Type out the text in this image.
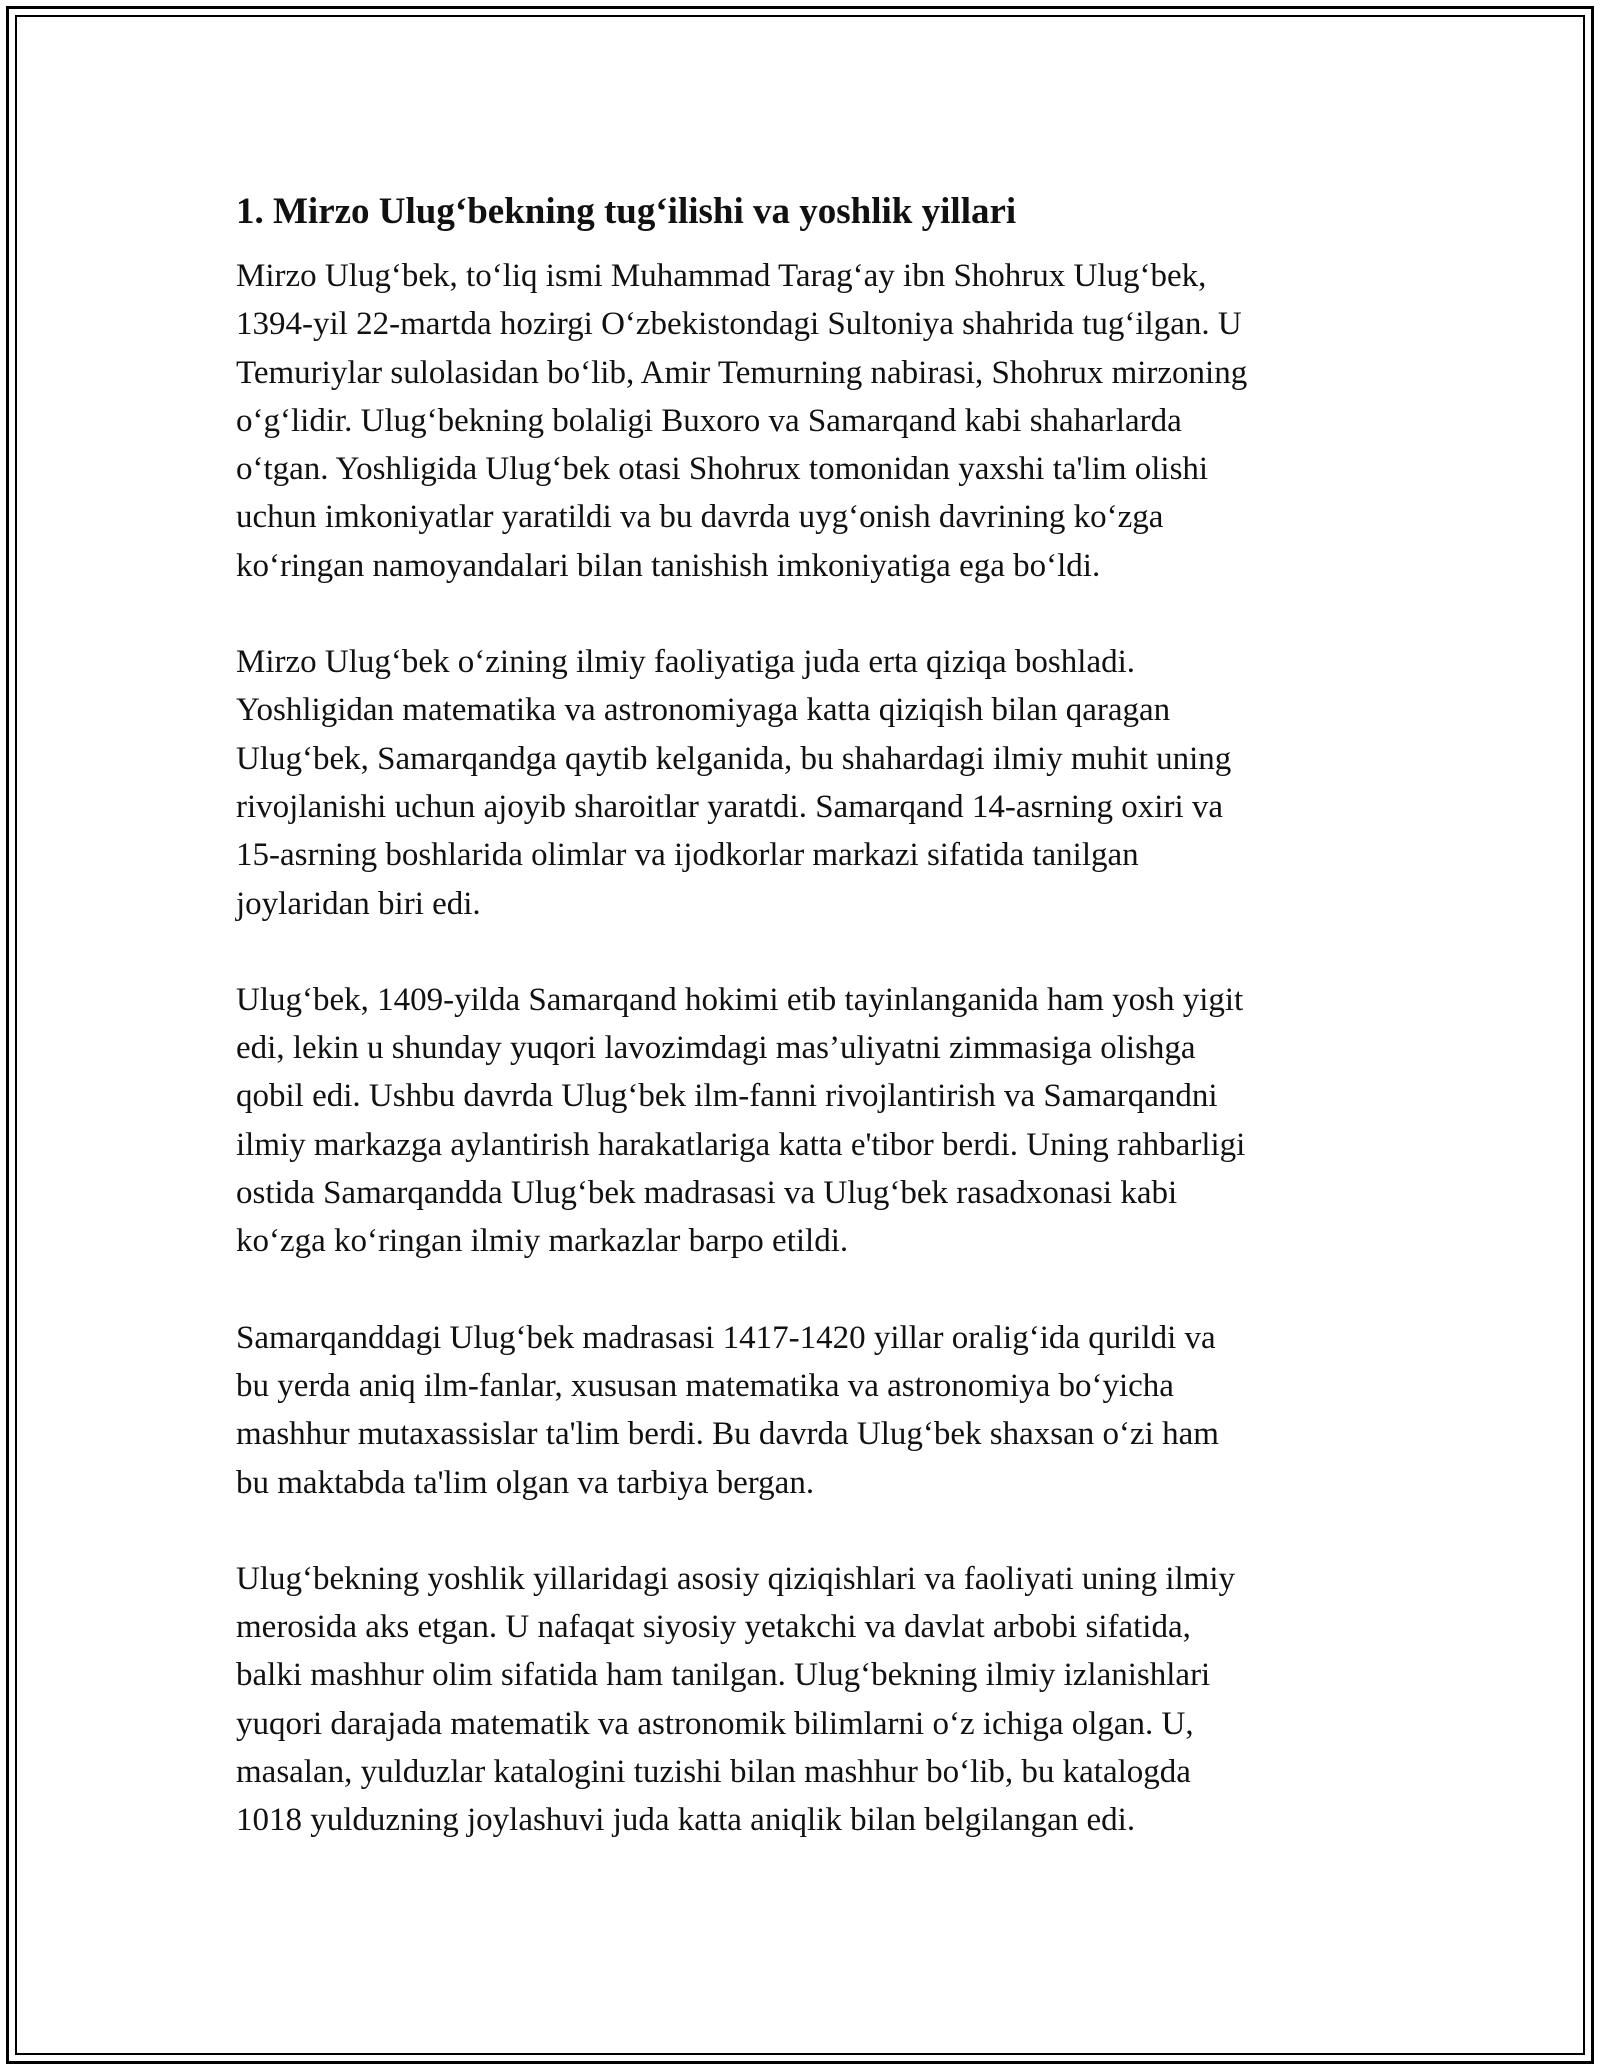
1. Mirzo Ulug‘bekning tug‘ilishi va yoshlik yillari

Mirzo Ulug‘bek, to‘liq ismi Muhammad Tarag‘ay ibn Shohrux Ulug‘bek,
1394-yil 22-martda hozirgi O‘zbekistondagi Sultoniya shahrida tug‘ilgan. U
Temuriylar sulolasidan bo‘lib, Amir Temurning nabirasi, Shohrux mirzoning
o‘g‘lidir. Ulug‘bekning bolaligi Buxoro va Samarqand kabi shaharlarda
o‘tgan. Yoshligida Ulug‘bek otasi Shohrux tomonidan yaxshi ta'lim olishi
uchun imkoniyatlar yaratildi va bu davrda uyg‘onish davrining ko‘zga
ko‘ringan namoyandalari bilan tanishish imkoniyatiga ega bo‘ldi.

Mirzo Ulug‘bek o‘zining ilmiy faoliyatiga juda erta qiziqa boshladi.
Yoshligidan matematika va astronomiyaga katta qiziqish bilan qaragan
Ulug‘bek, Samarqandga qaytib kelganida, bu shahardagi ilmiy muhit uning
rivojlanishi uchun ajoyib sharoitlar yaratdi. Samarqand 14-asrning oxiri va
15-asrning boshlarida olimlar va ijodkorlar markazi sifatida tanilgan
joylaridan biri edi.

Ulug‘bek, 1409-yilda Samarqand hokimi etib tayinlanganida ham yosh yigit
edi, lekin u shunday yuqori lavozimdagi mas’uliyatni zimmasiga olishga
qobil edi. Ushbu davrda Ulug‘bek ilm-fanni rivojlantirish va Samarqandni
ilmiy markazga aylantirish harakatlariga katta e'tibor berdi. Uning rahbarligi
ostida Samarqandda Ulug‘bek madrasasi va Ulug‘bek rasadxonasi kabi
ko‘zga ko‘ringan ilmiy markazlar barpo etildi.

Samarqanddagi Ulug‘bek madrasasi 1417-1420 yillar oralig‘ida qurildi va
bu yerda aniq ilm-fanlar, xususan matematika va astronomiya bo‘yicha
mashhur mutaxassislar ta'lim berdi. Bu davrda Ulug‘bek shaxsan o‘zi ham
bu maktabda ta'lim olgan va tarbiya bergan.

Ulug‘bekning yoshlik yillaridagi asosiy qiziqishlari va faoliyati uning ilmiy
merosida aks etgan. U nafaqat siyosiy yetakchi va davlat arbobi sifatida,
balki mashhur olim sifatida ham tanilgan. Ulug‘bekning ilmiy izlanishlari
yuqori darajada matematik va astronomik bilimlarni o‘z ichiga olgan. U,
masalan, yulduzlar katalogini tuzishi bilan mashhur bo‘lib, bu katalogda
1018 yulduzning joylashuvi juda katta aniqlik bilan belgilangan edi.
